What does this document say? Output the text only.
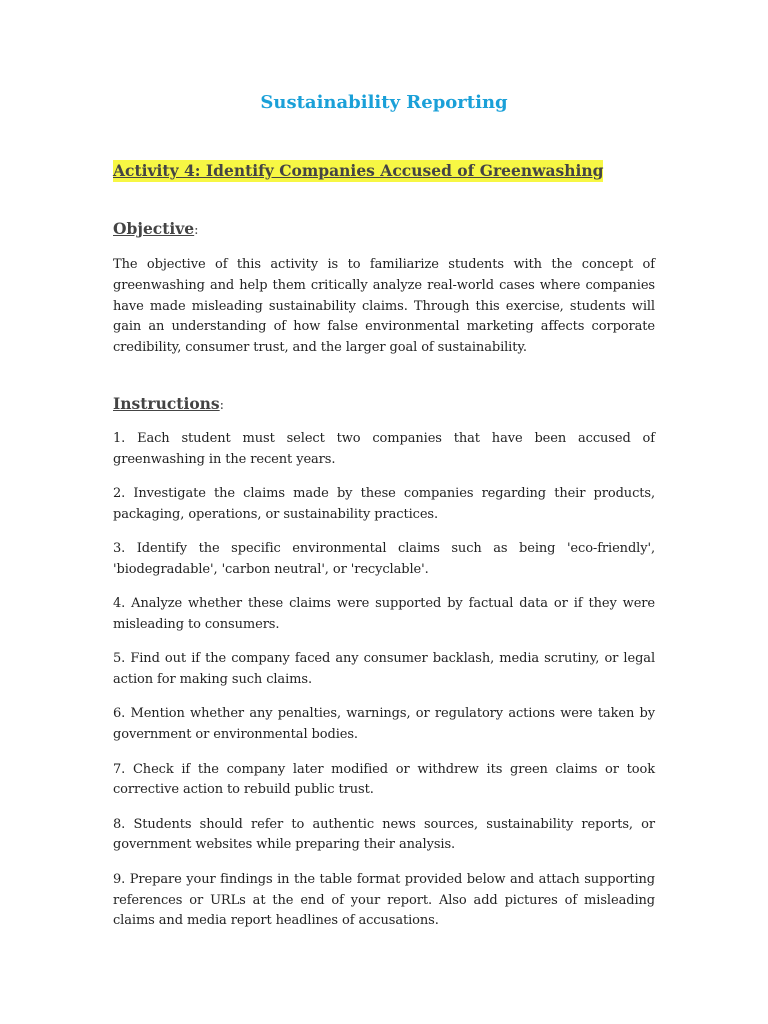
Sustainability Reporting
Activity 4: Identify Companies Accused of Greenwashing
Objective:

The objective of this activity is to familiarize students with the concept of greenwashing and help them critically analyze real-world cases where companies have made misleading sustainability claims. Through this exercise, students will gain an understanding of how false environmental marketing affects corporate credibility, consumer trust, and the larger goal of sustainability.

Instructions:
1. Each student must select two companies that have been accused of greenwashing in the recent years.
2. Investigate the claims made by these companies regarding their products, packaging, operations, or sustainability practices.
3. Identify the specific environmental claims such as being 'eco-friendly', 'biodegradable', 'carbon neutral', or 'recyclable'.
4. Analyze whether these claims were supported by factual data or if they were misleading to consumers.
5. Find out if the company faced any consumer backlash, media scrutiny, or legal action for making such claims.
6. Mention whether any penalties, warnings, or regulatory actions were taken by government or environmental bodies.
7. Check if the company later modified or withdrew its green claims or took corrective action to rebuild public trust.
8. Students should refer to authentic news sources, sustainability reports, or government websites while preparing their analysis.
9. Prepare your findings in the table format provided below and attach supporting references or URLs at the end of your report. Also add pictures of misleading claims and media report headlines of accusations.
